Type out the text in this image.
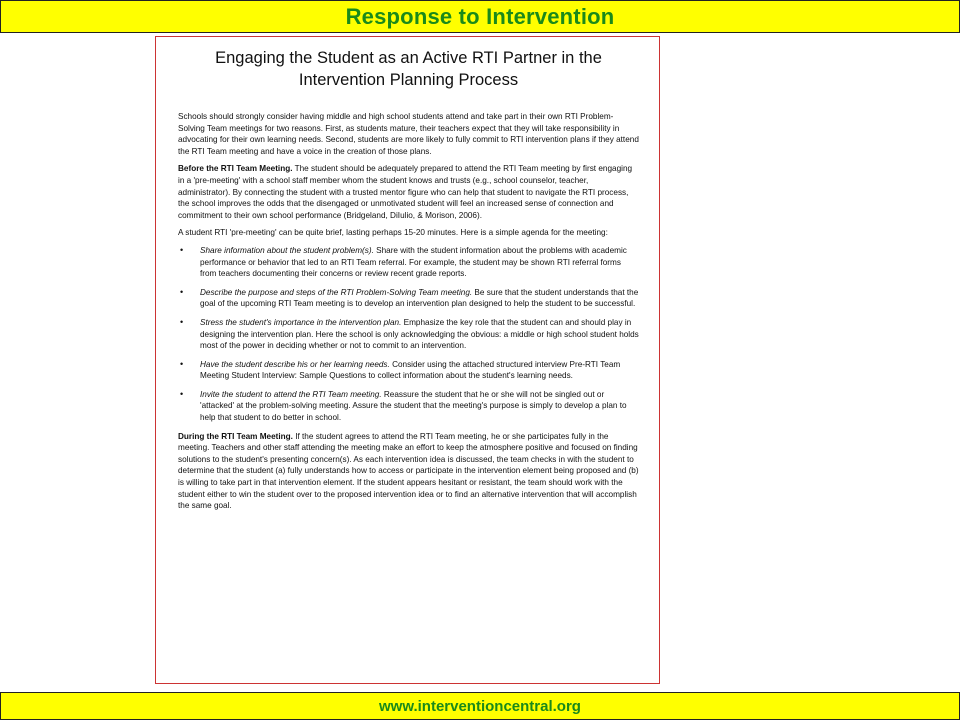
Response to Intervention
Engaging the Student as an Active RTI Partner in the Intervention Planning Process

Schools should strongly consider having middle and high school students attend and take part in their own RTI Problem-Solving Team meetings for two reasons. First, as students mature, their teachers expect that they will take responsibility in advocating for their own learning needs. Second, students are more likely to fully commit to RTI intervention plans if they attend the RTI Team meeting and have a voice in the creation of those plans.

Before the RTI Team Meeting. The student should be adequately prepared to attend the RTI Team meeting by first engaging in a 'pre-meeting' with a school staff member whom the student knows and trusts (e.g., school counselor, teacher, administrator). By connecting the student with a trusted mentor figure who can help that student to navigate the RTI process, the school improves the odds that the disengaged or unmotivated student will feel an increased sense of connection and commitment to their own school performance (Bridgeland, DiIulio, & Morison, 2006).

A student RTI 'pre-meeting' can be quite brief, lasting perhaps 15-20 minutes. Here is a simple agenda for the meeting:

• Share information about the student problem(s). Share with the student information about the problems with academic performance or behavior that led to an RTI Team referral. For example, the student may be shown RTI referral forms from teachers documenting their concerns or review recent grade reports.
• Describe the purpose and steps of the RTI Problem-Solving Team meeting. Be sure that the student understands that the goal of the upcoming RTI Team meeting is to develop an intervention plan designed to help the student to be successful.
• Stress the student's importance in the intervention plan. Emphasize the key role that the student can and should play in designing the intervention plan. Here the school is only acknowledging the obvious: a middle or high school student holds most of the power in deciding whether or not to commit to an intervention.
• Have the student describe his or her learning needs. Consider using the attached structured interview Pre-RTI Team Meeting Student Interview: Sample Questions to collect information about the student's learning needs.
• Invite the student to attend the RTI Team meeting. Reassure the student that he or she will not be singled out or 'attacked' at the problem-solving meeting. Assure the student that the meeting's purpose is simply to develop a plan to help that student to do better in school.

During the RTI Team Meeting. If the student agrees to attend the RTI Team meeting, he or she participates fully in the meeting. Teachers and other staff attending the meeting make an effort to keep the atmosphere positive and focused on finding solutions to the student's presenting concern(s). As each intervention idea is discussed, the team checks in with the student to determine that the student (a) fully understands how to access or participate in the intervention element being proposed and (b) is willing to take part in that intervention element. If the student appears hesitant or resistant, the team should work with the student either to win the student over to the proposed intervention idea or to find an alternative intervention that will accomplish the same goal.

www.interventioncentral.org
